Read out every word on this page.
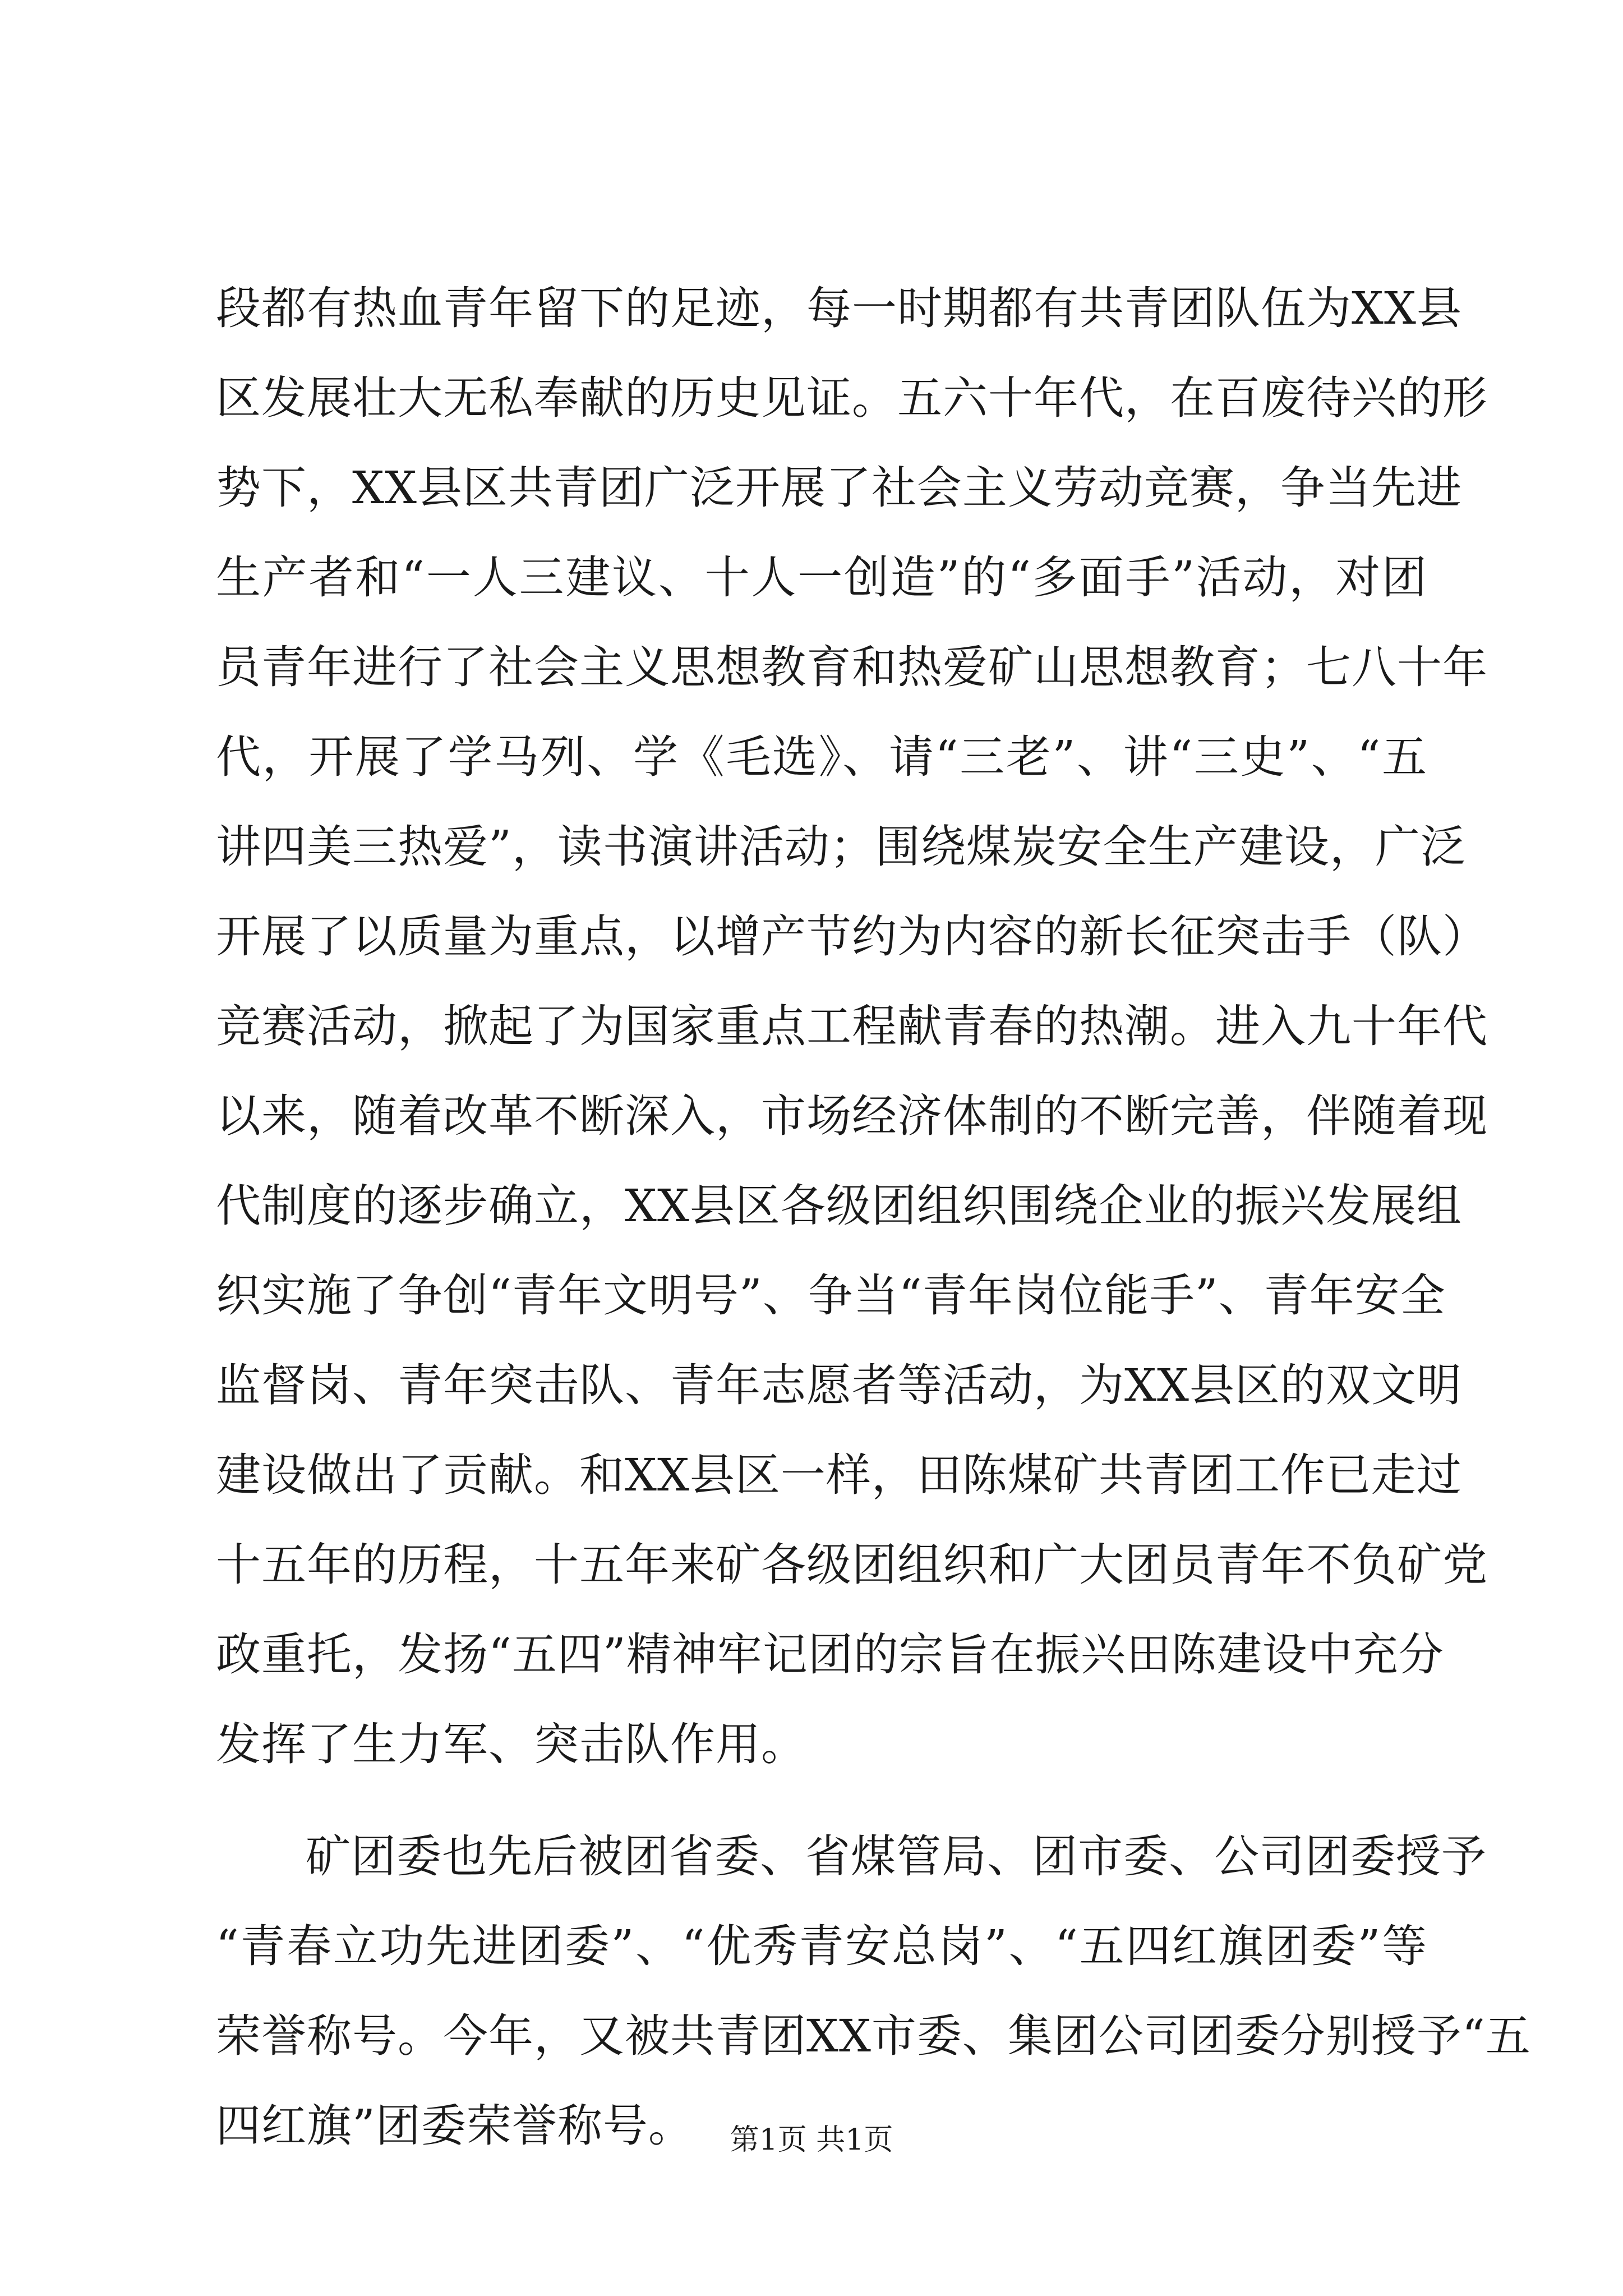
段都有热血青年留下的足迹，每一时期都有共青团队伍为XX县
区发展壮大无私奉献的历史见证。五六十年代，在百废待兴的形
势下，XX县区共青团广泛开展了社会主义劳动竞赛，争当先进
生产者和“一人三建议、十人一创造”的“多面手”活动，对团
员青年进行了社会主义思想教育和热爱矿山思想教育；七八十年
代，开展了学马列、学《毛选》、请“三老”、讲“三史”、“五
讲四美三热爱”，读书演讲活动；围绕煤炭安全生产建设，广泛
开展了以质量为重点，以增产节约为内容的新长征突击手（队）
竞赛活动，掀起了为国家重点工程献青春的热潮。进入九十年代
以来，随着改革不断深入，市场经济体制的不断完善，伴随着现
代制度的逐步确立，XX县区各级团组织围绕企业的振兴发展组
织实施了争创“青年文明号”、争当“青年岗位能手”、青年安全
监督岗、青年突击队、青年志愿者等活动，为XX县区的双文明
建设做出了贡献。和XX县区一样，田陈煤矿共青团工作已走过
十五年的历程，十五年来矿各级团组织和广大团员青年不负矿党
政重托，发扬“五四”精神牢记团的宗旨在振兴田陈建设中充分
发挥了生力军、突击队作用。
矿团委也先后被团省委、省煤管局、团市委、公司团委授予
“青春立功先进团委”、“优秀青安总岗”、“五四红旗团委”等
荣誉称号。今年，又被共青团XX市委、集团公司团委分别授予“五
四红旗”团委荣誉称号。	第1页 共1页
